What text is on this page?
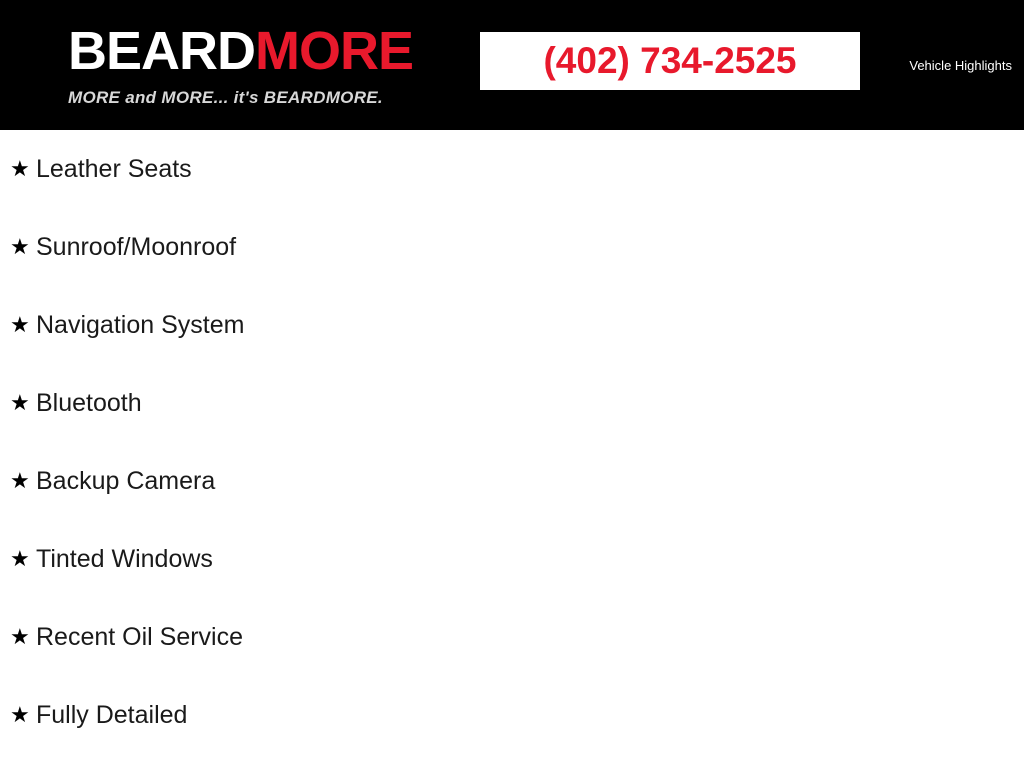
BEARDMORE
MORE and MORE... it's BEARDMORE.
(402) 734-2525	Vehicle Highlights
★ Leather Seats
★ Sunroof/Moonroof
★ Navigation System
★ Bluetooth
★ Backup Camera
★ Tinted Windows
★ Recent Oil Service
★ Fully Detailed
